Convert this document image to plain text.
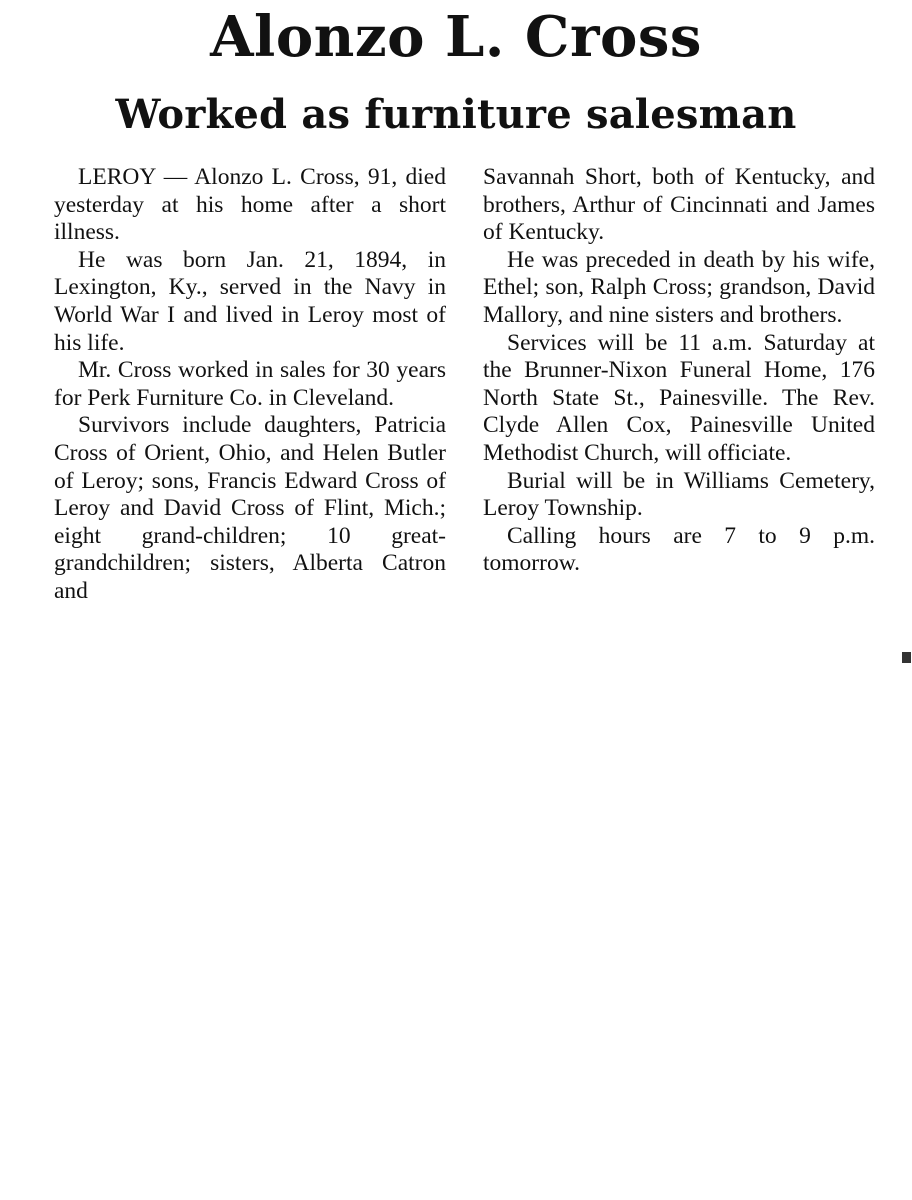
Alonzo L. Cross
Worked as furniture salesman

LEROY — Alonzo L. Cross, 91, died yesterday at his home after a short illness.

He was born Jan. 21, 1894, in Lexington, Ky., served in the Navy in World War I and lived in Leroy most of his life.

Mr. Cross worked in sales for 30 years for Perk Furniture Co. in Cleveland.

Survivors include daughters, Patricia Cross of Orient, Ohio, and Helen Butler of Leroy; sons, Francis Edward Cross of Leroy and David Cross of Flint, Mich.; eight grand-children; 10 great-grandchildren; sisters, Alberta Catron and

Savannah Short, both of Kentucky, and brothers, Arthur of Cincinnati and James of Kentucky.

He was preceded in death by his wife, Ethel; son, Ralph Cross; grandson, David Mallory, and nine sisters and brothers.

Services will be 11 a.m. Saturday at the Brunner-Nixon Funeral Home, 176 North State St., Painesville. The Rev. Clyde Allen Cox, Painesville United Methodist Church, will officiate.

Burial will be in Williams Cemetery, Leroy Township.

Calling hours are 7 to 9 p.m. tomorrow.
